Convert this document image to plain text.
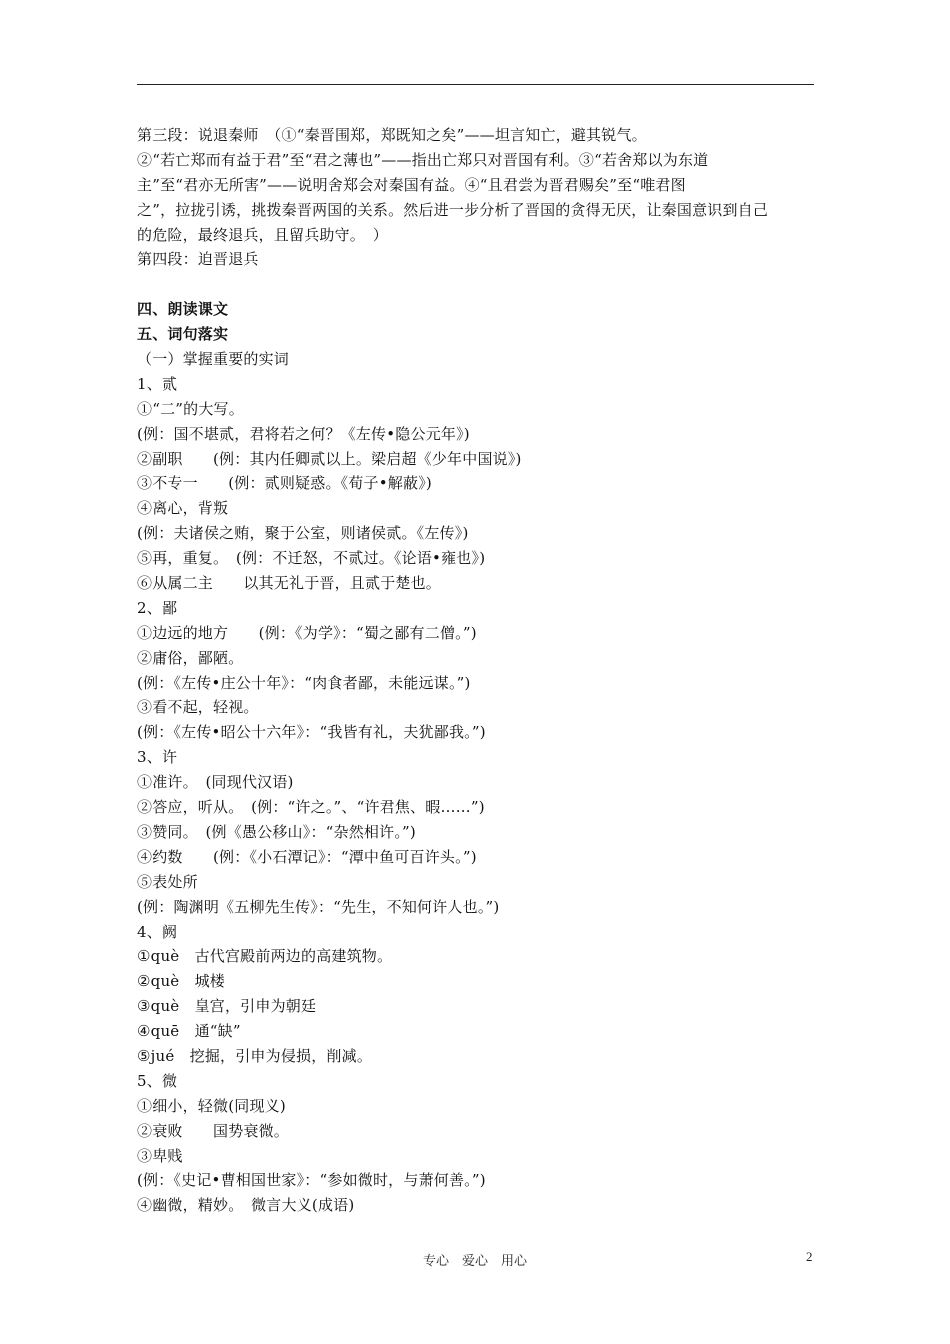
第三段：说退秦师　（①“秦晋围郑，郑既知之矣”——坦言知亡，避其锐气。
②“若亡郑而有益于君”至“君之薄也”——指出亡郑只对晋国有利。③“若舍郑以为东道
主”至“君亦无所害”——说明舍郑会对秦国有益。④“且君尝为晋君赐矣”至“唯君图
之”，拉拢引诱，挑拨秦晋两国的关系。然后进一步分析了晋国的贪得无厌，让秦国意识到自己
的危险，最终退兵，且留兵助守。　）
第四段：迫晋退兵
四、朗读课文
五、词句落实
（一）掌握重要的实词
1、贰
①“二”的大写。
(例：国不堪贰，君将若之何？《左传•隐公元年》)
②副职　　(例：其内任卿贰以上。梁启超《少年中国说》)
③不专一　　(例：贰则疑惑。《荀子•解蔽》)
④离心，背叛
(例：夫诸侯之贿，聚于公室，则诸侯贰。《左传》)
⑤再，重复。　(例：不迁怒，不贰过。《论语•雍也》)
⑥从属二主　　以其无礼于晋，且贰于楚也。
2、鄙
①边远的地方　　(例：《为学》：“蜀之鄙有二僧。”)
②庸俗，鄙陋。
(例：《左传•庄公十年》：“肉食者鄙，未能远谋。”)
③看不起，轻视。
(例：《左传•昭公十六年》：“我皆有礼，夫犹鄙我。”)
3、许
①准许。　(同现代汉语)
②答应，听从。　(例：“许之。”、“许君焦、暇……”)
③赞同。　(例《愚公移山》：“杂然相许。”)
④约数　　(例：《小石潭记》：“潭中鱼可百许头。”)
⑤表处所
(例：陶渊明《五柳先生传》：“先生，不知何许人也。”)
4、阙
①què　古代宫殿前两边的高建筑物。
②què　城楼
③què　皇宫，引申为朝廷
④quē　通“缺”
⑤jué　挖掘，引申为侵损，削减。
5、微
①细小，轻微(同现义)
②衰败　　国势衰微。
③卑贱
(例：《史记•曹相国世家》：“参如微时，与萧何善。”)
④幽微，精妙。　微言大义(成语)
专心　爱心　用心	2
